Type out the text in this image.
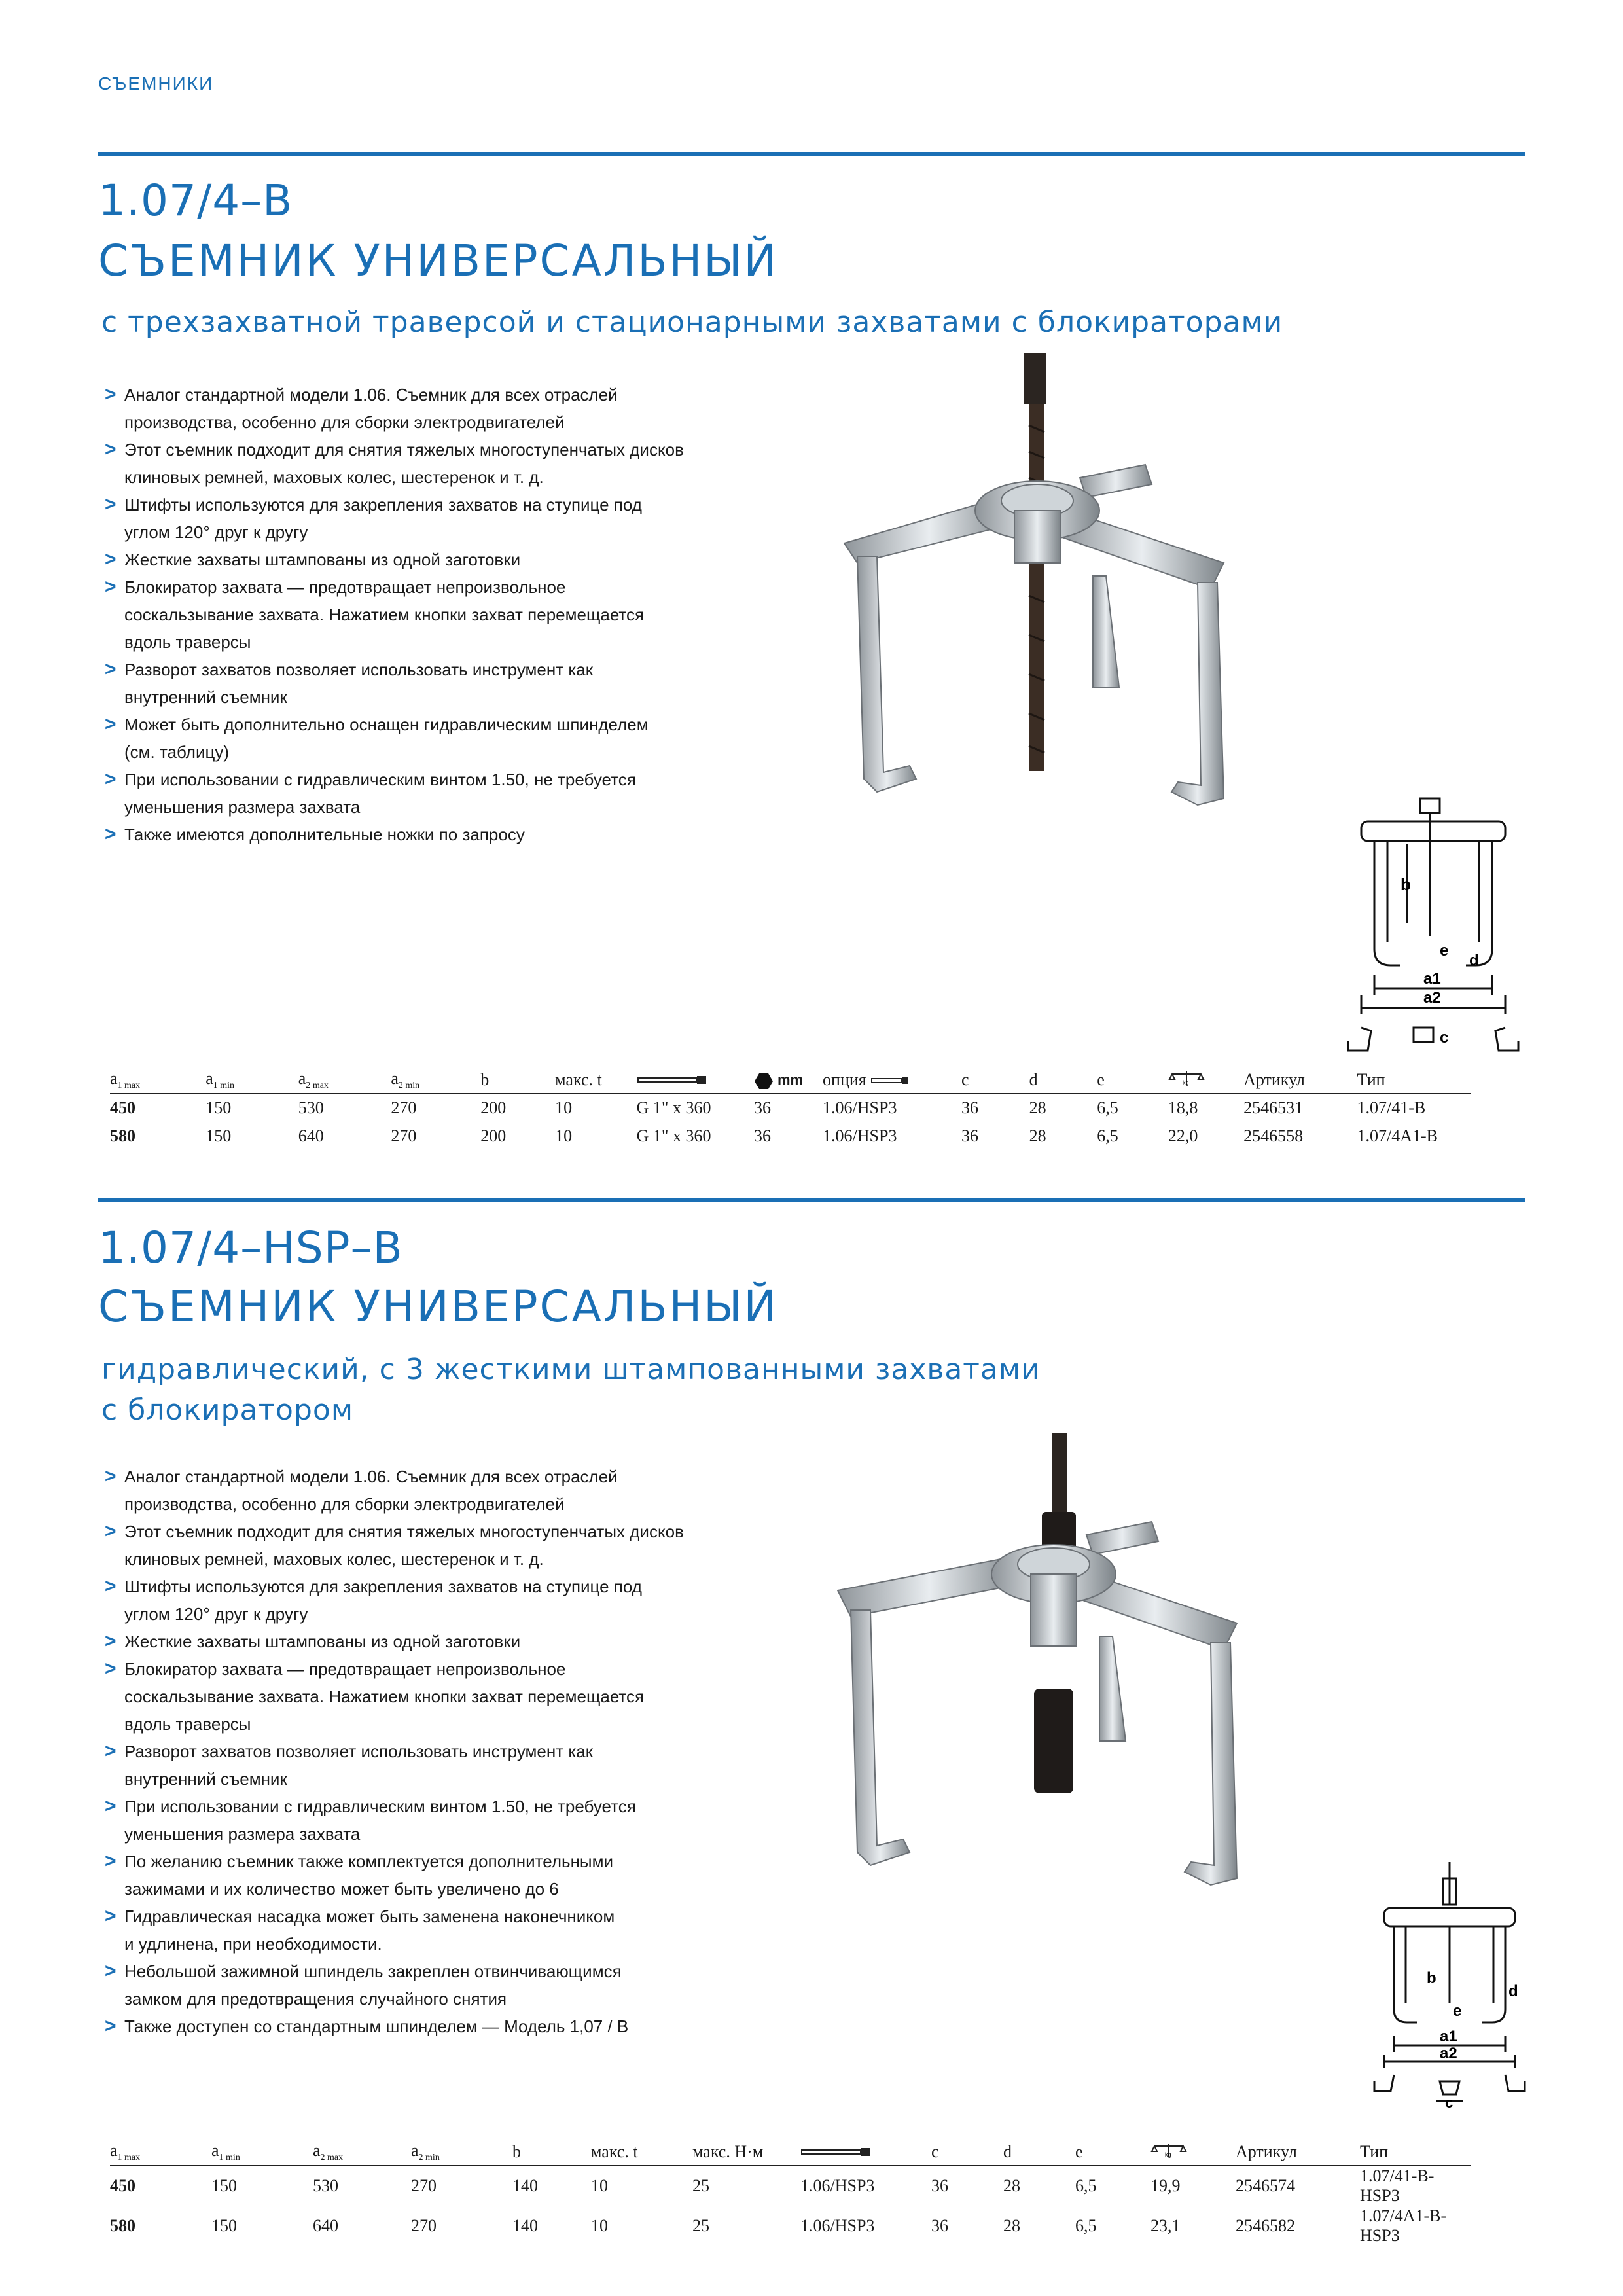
СЪЕМНИКИ
1.07/4–B
СЪЕМНИК УНИВЕРСАЛЬНЫЙ
с трехзахватной траверсой и стационарными захватами с блокираторами
> Аналог стандартной модели 1.06. Съемник для всех отраслей
производства, особенно для сборки электродвигателей
> Этот съемник подходит для снятия тяжелых многоступенчатых дисков
клиновых ремней, маховых колес, шестеренок и т. д.
> Штифты используются для закрепления захватов на ступице под
углом 120° друг к другу
> Жесткие захваты штампованы из одной заготовки
> Блокиратор захвата — предотвращает непроизвольное
соскальзывание захвата. Нажатием кнопки захват перемещается
вдоль траверсы
> Разворот захватов позволяет использовать инструмент как
внутренний съемник
> Может быть дополнительно оснащен гидравлическим шпинделем
(см. таблицу)
> При использовании с гидравлическим винтом 1.50, не требуется
уменьшения размера захвата
> Также имеются дополнительные ножки по запросу
b
e
d
a1
a2
c
$a_{1 max}$	$a_{1 min}$	$a_{2 max}$	$a_{2 min}$	b	макс. t		mm	опция	c	d	e	kg	Артикул	Тип
450	150	530	270	200	10	G 1" x 360	36	1.06/HSP3	36	28	6,5	18,8	2546531	1.07/41-B
580	150	640	270	200	10	G 1" x 360	36	1.06/HSP3	36	28	6,5	22,0	2546558	1.07/4A1-B
1.07/4–HSP–B
СЪЕМНИК УНИВЕРСАЛЬНЫЙ
гидравлический, с 3 жесткими штампованными захватами
с блокиратором
> Аналог стандартной модели 1.06. Съемник для всех отраслей
производства, особенно для сборки электродвигателей
> Этот съемник подходит для снятия тяжелых многоступенчатых дисков
клиновых ремней, маховых колес, шестеренок и т. д.
> Штифты используются для закрепления захватов на ступице под
углом 120° друг к другу
> Жесткие захваты штампованы из одной заготовки
> Блокиратор захвата — предотвращает непроизвольное
соскальзывание захвата. Нажатием кнопки захват перемещается
вдоль траверсы
> Разворот захватов позволяет использовать инструмент как
внутренний съемник
> При использовании с гидравлическим винтом 1.50, не требуется
уменьшения размера захвата
> По желанию съемник также комплектуется дополнительными
зажимами и их количество может быть увеличено до 6
> Гидравлическая насадка может быть заменена наконечником
и удлинена, при необходимости.
> Небольшой зажимной шпиндель закреплен отвинчивающимся
замком для предотвращения случайного снятия
> Также доступен со стандартным шпинделем — Модель 1,07 / B
b
e
d
a1
a2
c
$a_{1 max}$	$a_{1 min}$	$a_{2 max}$	$a_{2 min}$	b	макс. t	макс. Н·м		c	d	e	kg	Артикул	Тип
450	150	530	270	140	10	25	1.06/HSP3	36	28	6,5	19,9	2546574	1.07/41-B-HSP3
580	150	640	270	140	10	25	1.06/HSP3	36	28	6,5	23,1	2546582	1.07/4A1-B-HSP3
